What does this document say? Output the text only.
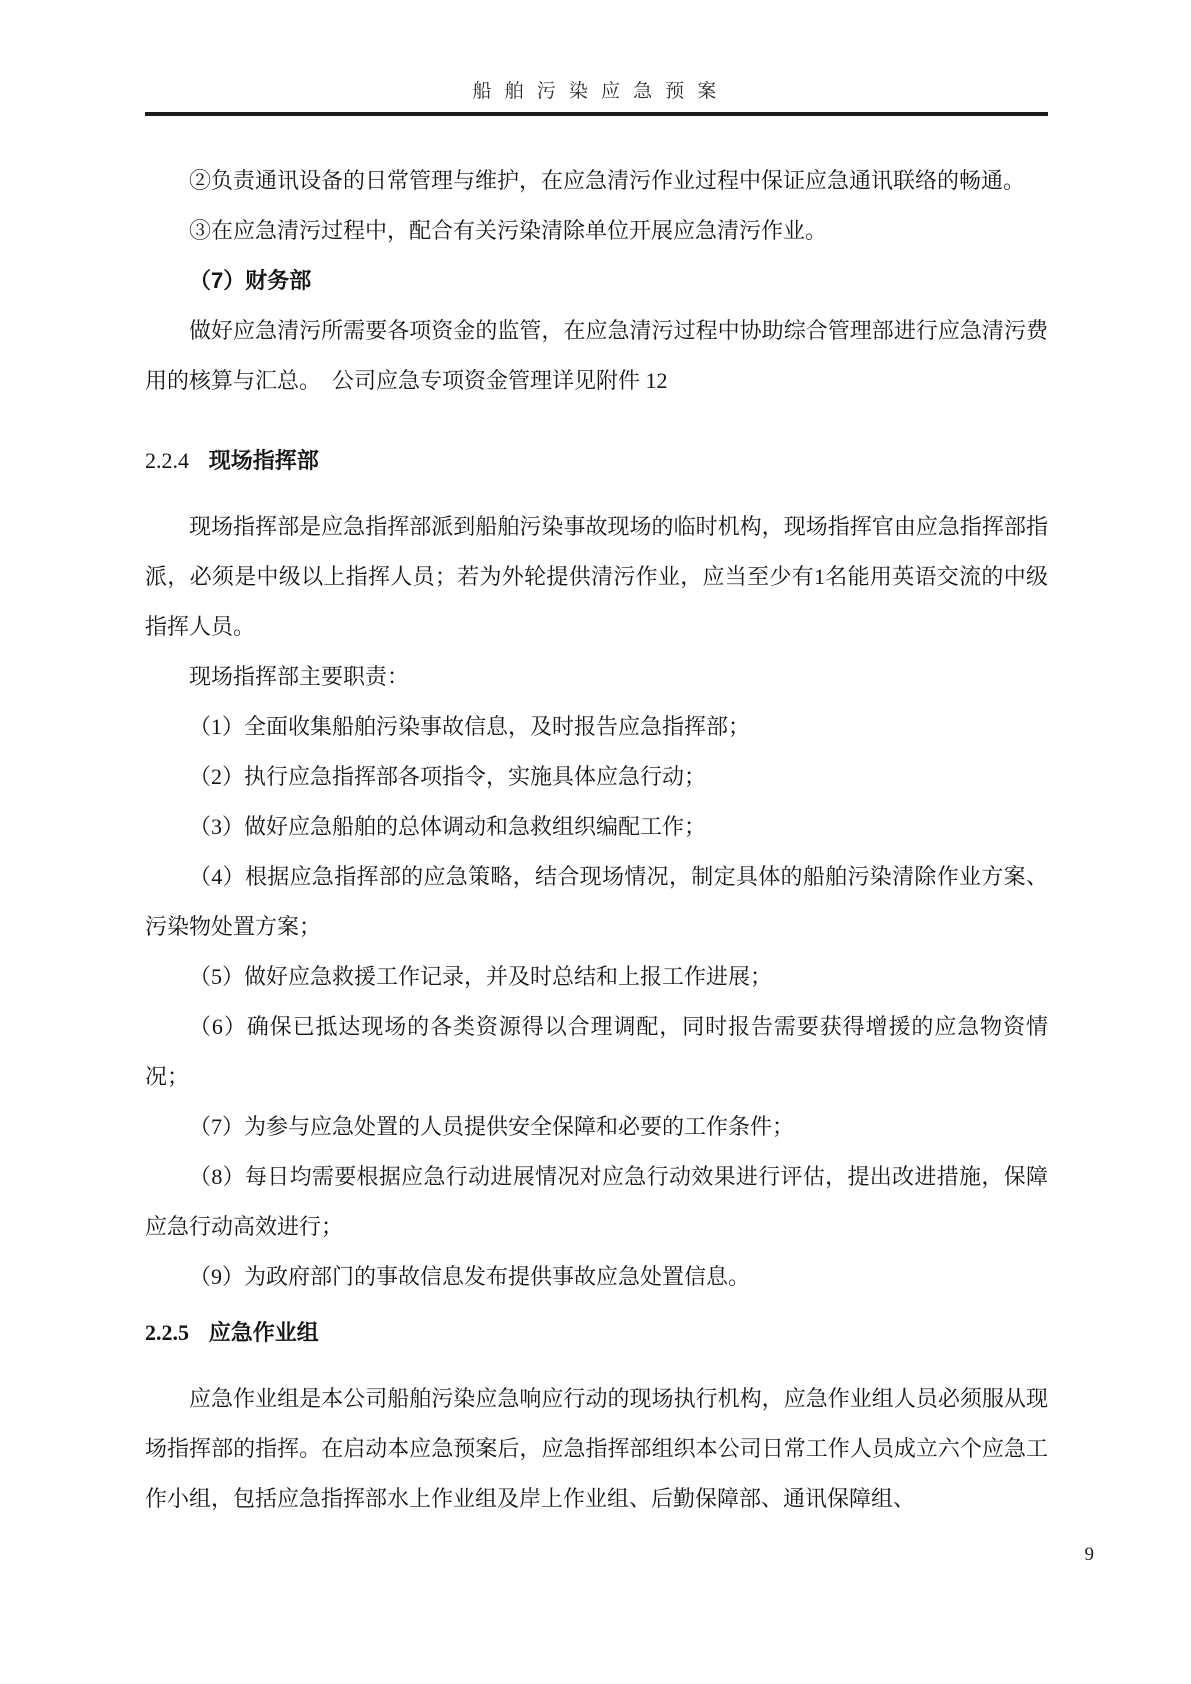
船 舶 污 染 应 急 预 案

②负责通讯设备的日常管理与维护，在应急清污作业过程中保证应急通讯联络的畅通。

③在应急清污过程中，配合有关污染清除单位开展应急清污作业。

（7）财务部

做好应急清污所需要各项资金的监管，在应急清污过程中协助综合管理部进行应急清污费用的核算与汇总。　公司应急专项资金管理详见附件 12

2.2.4 现场指挥部

现场指挥部是应急指挥部派到船舶污染事故现场的临时机构，现场指挥官由应急指挥部指派，必须是中级以上指挥人员；若为外轮提供清污作业，应当至少有1名能用英语交流的中级指挥人员。

现场指挥部主要职责：

（1）全面收集船舶污染事故信息，及时报告应急指挥部；

（2）执行应急指挥部各项指令，实施具体应急行动；

（3）做好应急船舶的总体调动和急救组织编配工作；

（4）根据应急指挥部的应急策略，结合现场情况，制定具体的船舶污染清除作业方案、污染物处置方案；

（5）做好应急救援工作记录，并及时总结和上报工作进展；

（6）确保已抵达现场的各类资源得以合理调配，同时报告需要获得增援的应急物资情况；

（7）为参与应急处置的人员提供安全保障和必要的工作条件；

（8）每日均需要根据应急行动进展情况对应急行动效果进行评估，提出改进措施，保障应急行动高效进行；

（9）为政府部门的事故信息发布提供事故应急处置信息。

2.2.5 应急作业组

应急作业组是本公司船舶污染应急响应行动的现场执行机构，应急作业组人员必须服从现场指挥部的指挥。在启动本应急预案后，应急指挥部组织本公司日常工作人员成立六个应急工作小组，包括应急指挥部水上作业组及岸上作业组、后勤保障部、通讯保障组、

9
